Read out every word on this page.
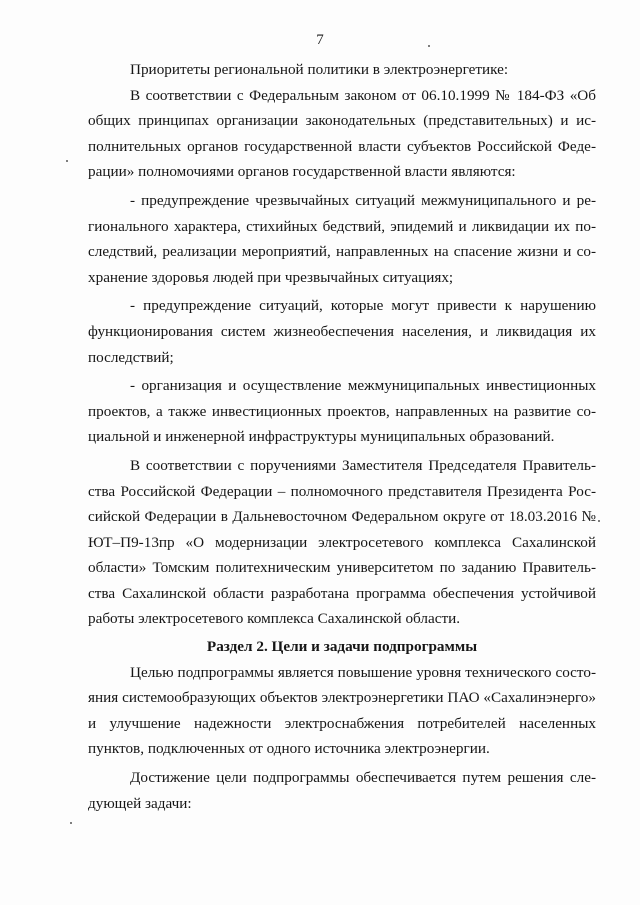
7

Приоритеты региональной политики в электроэнергетике:

В соответствии с Федеральным законом от 06.10.1999 № 184-ФЗ «Об общих принципах организации законодательных (представительных) и исполнительных органов государственной власти субъектов Российской Федерации» полномочиями органов государственной власти являются:

- предупреждение чрезвычайных ситуаций межмуниципального и регионального характера, стихийных бедствий, эпидемий и ликвидации их последствий, реализации мероприятий, направленных на спасение жизни и сохранение здоровья людей при чрезвычайных ситуациях;

- предупреждение ситуаций, которые могут привести к нарушению функционирования систем жизнеобеспечения населения, и ликвидация их последствий;

- организация и осуществление межмуниципальных инвестиционных проектов, а также инвестиционных проектов, направленных на развитие социальной и инженерной инфраструктуры муниципальных образований.

В соответствии с поручениями Заместителя Председателя Правительства Российской Федерации – полномочного представителя Президента Российской Федерации в Дальневосточном Федеральном округе от 18.03.2016 № ЮТ–П9-13пр «О модернизации электросетевого комплекса Сахалинской области» Томским политехническим университетом по заданию Правительства Сахалинской области разработана программа обеспечения устойчивой работы электросетевого комплекса Сахалинской области.

Раздел 2. Цели и задачи подпрограммы

Целью подпрограммы является повышение уровня технического состояния системообразующих объектов электроэнергетики ПАО «Сахалинэнерго» и улучшение надежности электроснабжения потребителей населенных пунктов, подключенных от одного источника электроэнергии.

Достижение цели подпрограммы обеспечивается путем решения следующей задачи:
